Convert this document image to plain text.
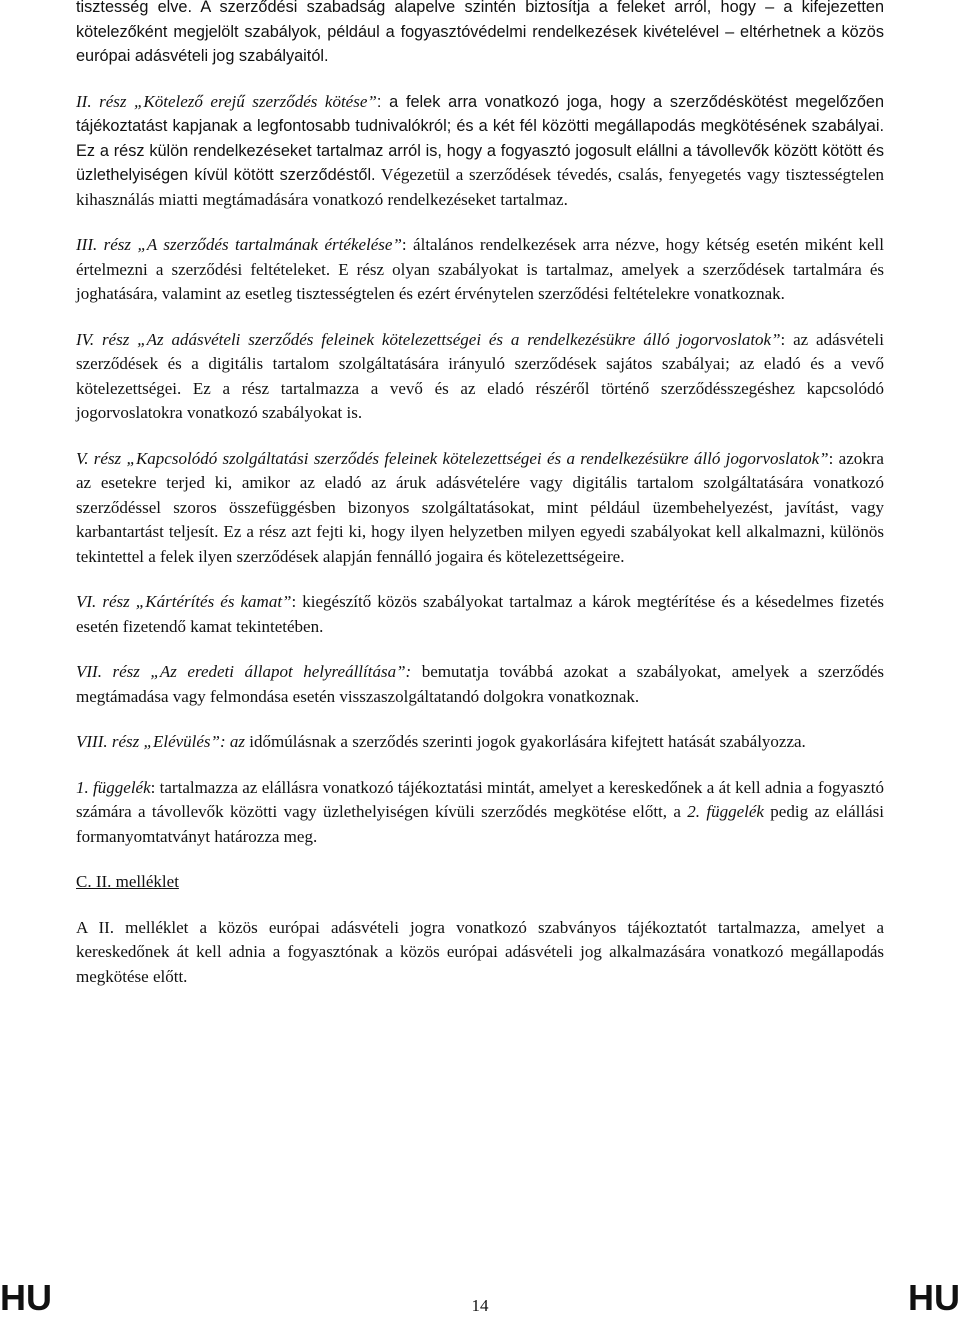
tisztesség elve. A szerződési szabadság alapelve szintén biztosítja a feleket arról, hogy – a kifejezetten kötelezőként megjelölt szabályok, például a fogyasztóvédelmi rendelkezések kivételével – eltérhetnek a közös európai adásvételi jog szabályaitól.

II. rész „Kötelező erejű szerződés kötése”: a felek arra vonatkozó joga, hogy a szerződéskötést megelőzően tájékoztatást kapjanak a legfontosabb tudnivalókról; és a két fél közötti megállapodás megkötésének szabályai. Ez a rész külön rendelkezéseket tartalmaz arról is, hogy a fogyasztó jogosult elállni a távollevők között kötött és üzlethelyiségen kívül kötött szerződéstől. Végezetül a szerződések tévedés, csalás, fenyegetés vagy tisztességtelen kihasználás miatti megtámadására vonatkozó rendelkezéseket tartalmaz.

III. rész „A szerződés tartalmának értékelése”: általános rendelkezések arra nézve, hogy kétség esetén miként kell értelmezni a szerződési feltételeket. E rész olyan szabályokat is tartalmaz, amelyek a szerződések tartalmára és joghatására, valamint az esetleg tisztességtelen és ezért érvénytelen szerződési feltételekre vonatkoznak.

IV. rész „Az adásvételi szerződés feleinek kötelezettségei és a rendelkezésükre álló jogorvoslatok”: az adásvételi szerződések és a digitális tartalom szolgáltatására irányuló szerződések sajátos szabályai; az eladó és a vevő kötelezettségei. Ez a rész tartalmazza a vevő és az eladó részéről történő szerződésszegéshez kapcsolódó jogorvoslatokra vonatkozó szabályokat is.

V. rész „Kapcsolódó szolgáltatási szerződés feleinek kötelezettségei és a rendelkezésükre álló jogorvoslatok”: azokra az esetekre terjed ki, amikor az eladó az áruk adásvételére vagy digitális tartalom szolgáltatására vonatkozó szerződéssel szoros összefüggésben bizonyos szolgáltatásokat, mint például üzembehelyezést, javítást, vagy karbantartást teljesít. Ez a rész azt fejti ki, hogy ilyen helyzetben milyen egyedi szabályokat kell alkalmazni, különös tekintettel a felek ilyen szerződések alapján fennálló jogaira és kötelezettségeire.

VI. rész „Kártérítés és kamat”: kiegészítő közös szabályokat tartalmaz a károk megtérítése és a késedelmes fizetés esetén fizetendő kamat tekintetében.

VII. rész „Az eredeti állapot helyreállítása”: bemutatja továbbá azokat a szabályokat, amelyek a szerződés megtámadása vagy felmondása esetén visszaszolgáltatandó dolgokra vonatkoznak.

VIII. rész „Elévülés”: az időmúlásnak a szerződés szerinti jogok gyakorlására kifejtett hatását szabályozza.

1. függelék: tartalmazza az elállásra vonatkozó tájékoztatási mintát, amelyet a kereskedőnek a át kell adnia a fogyasztó számára a távollevők közötti vagy üzlethelyiségen kívüli szerződés megkötése előtt, a 2. függelék pedig az elállási formanyomtatványt határozza meg.

C. II. melléklet

A II. melléklet a közös európai adásvételi jogra vonatkozó szabványos tájékoztatót tartalmazza, amelyet a kereskedőnek át kell adnia a fogyasztónak a közös európai adásvételi jog alkalmazására vonatkozó megállapodás megkötése előtt.

HU	14	HU
